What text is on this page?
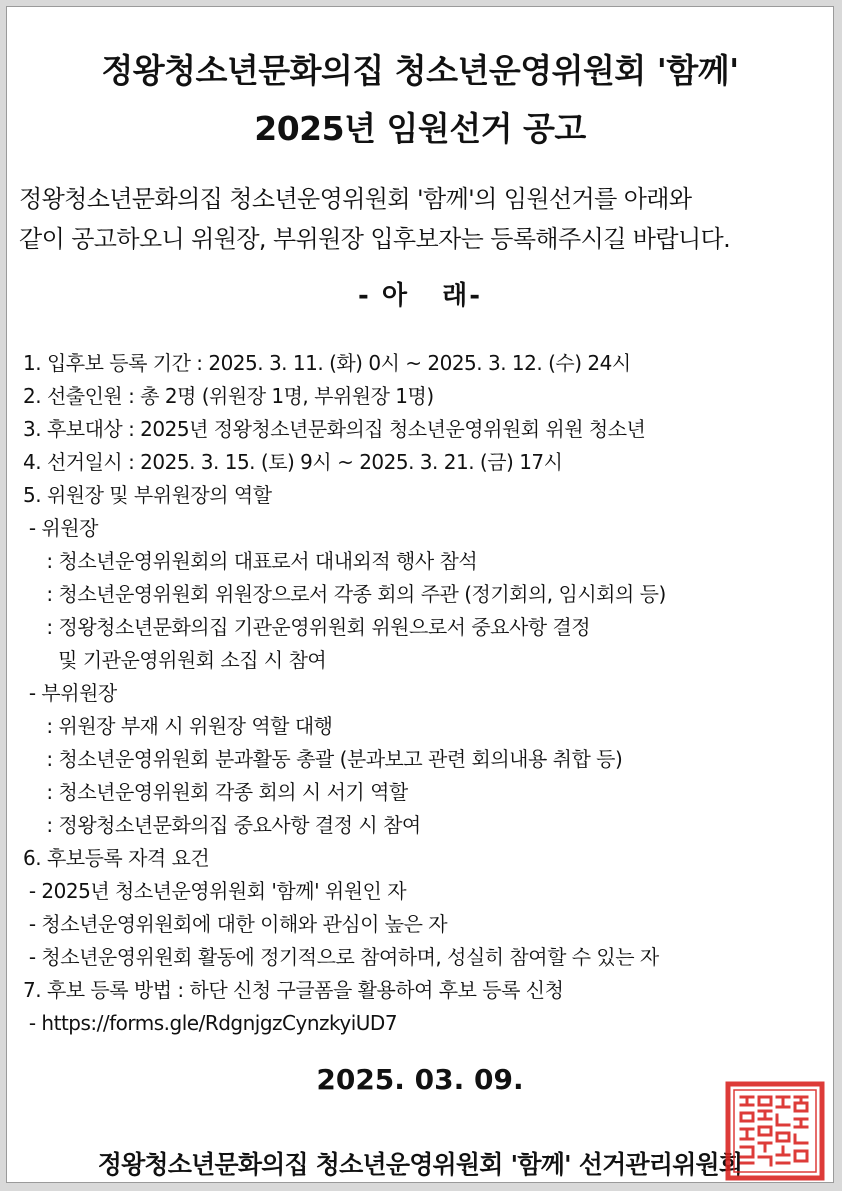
정왕청소년문화의집 청소년운영위원회 '함께'
2025년 임원선거 공고
정왕청소년문화의집 청소년운영위원회 '함께'의 임원선거를 아래와
같이 공고하오니 위원장, 부위원장 입후보자는 등록해주시길 바랍니다.
- 아   래-
1. 입후보 등록 기간 : 2025. 3. 11. (화) 0시 ~ 2025. 3. 12. (수) 24시
2. 선출인원 : 총 2명 (위원장 1명, 부위원장 1명)
3. 후보대상 : 2025년 정왕청소년문화의집 청소년운영위원회 위원 청소년
4. 선거일시 : 2025. 3. 15. (토) 9시 ~ 2025. 3. 21. (금) 17시
5. 위원장 및 부위원장의 역할
- 위원장
: 청소년운영위원회의 대표로서 대내외적 행사 참석
: 청소년운영위원회 위원장으로서 각종 회의 주관 (정기회의, 임시회의 등)
: 정왕청소년문화의집 기관운영위원회 위원으로서 중요사항 결정
및 기관운영위원회 소집 시 참여
- 부위원장
: 위원장 부재 시 위원장 역할 대행
: 청소년운영위원회 분과활동 총괄 (분과보고 관련 회의내용 취합 등)
: 청소년운영위원회 각종 회의 시 서기 역할
: 정왕청소년문화의집 중요사항 결정 시 참여
6. 후보등록 자격 요건
- 2025년 청소년운영위원회 '함께' 위원인 자
- 청소년운영위원회에 대한 이해와 관심이 높은 자
- 청소년운영위원회 활동에 정기적으로 참여하며, 성실히 참여할 수 있는 자
7. 후보 등록 방법 : 하단 신청 구글폼을 활용하여 후보 등록 신청
- https://forms.gle/RdgnjgzCynzkyiUD7
2025. 03. 09.
정왕청소년문화의집 청소년운영위원회 '함께' 선거관리위원회
